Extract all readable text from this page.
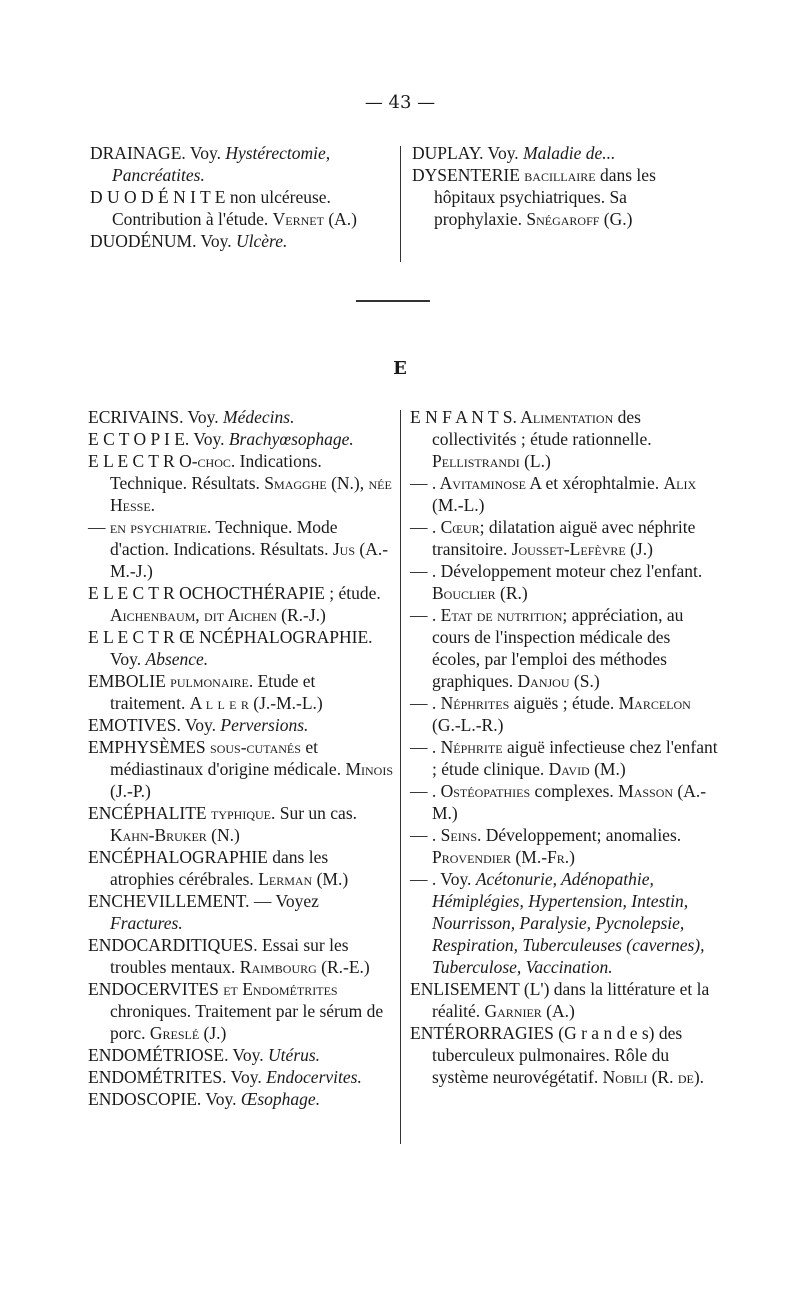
— 43 —

DRAINAGE. Voy. Hystérectomie, Pancréatites.

D U O D É N I T E non ulcéreuse. Contribution à l'étude. Vernet (A.)

DUODÉNUM. Voy. Ulcère.

DUPLAY. Voy. Maladie de...

DYSENTERIE bacillaire dans les hôpitaux psychiatriques. Sa prophylaxie. Snégaroff (G.)

E

ECRIVAINS. Voy. Médecins.

E C T O P I E. Voy. Brachyœsophage.

E L E C T R O-choc. Indications. Technique. Résultats. Smagghe (N.), née Hesse.

— en psychiatrie. Technique. Mode d'action. Indications. Résultats. Jus (A.-M.-J.)

E L E C T R OCHOCTHÉRAPIE ; étude. Aichenbaum, dit Aichen (R.-J.)

E L E C T R Œ NCÉPHALOGRAPHIE. Voy. Absence.

EMBOLIE pulmonaire. Etude et traitement. A l l e r (J.-M.-L.)

EMOTIVES. Voy. Perversions.

EMPHYSÈMES sous-cutanés et médiastinaux d'origine médicale. Minois (J.-P.)

ENCÉPHALITE typhique. Sur un cas. Kahn-Bruker (N.)

ENCÉPHALOGRAPHIE dans les atrophies cérébrales. Lerman (M.)

ENCHEVILLEMENT. — Voyez Fractures.

ENDOCARDITIQUES. Essai sur les troubles mentaux. Raimbourg (R.-E.)

ENDOCERVITES et Endométrites chroniques. Traitement par le sérum de porc. Greslé (J.)

ENDOMÉTRIOSE. Voy. Utérus.

ENDOMÉTRITES. Voy. Endocervites.

ENDOSCOPIE. Voy. Œsophage.

E N F A N T S. Alimentation des collectivités ; étude rationnelle. Pellistrandi (L.)

— . Avitaminose A et xérophtalmie. Alix (M.-L.)

— . Cœur; dilatation aiguë avec néphrite transitoire. Jousset-Lefèvre (J.)

— . Développement moteur chez l'enfant. Bouclier (R.)

— . Etat de nutrition; appréciation, au cours de l'inspection médicale des écoles, par l'emploi des méthodes graphiques. Danjou (S.)

— . Néphrites aiguës ; étude. Marcelon (G.-L.-R.)

— . Néphrite aiguë infectieuse chez l'enfant ; étude clinique. David (M.)

— . Ostéopathies complexes. Masson (A.-M.)

— . Seins. Développement; anomalies. Provendier (M.-Fr.)

— . Voy. Acétonurie, Adénopathie, Hémiplégies, Hypertension, Intestin, Nourrisson, Paralysie, Pycnolepsie, Respiration, Tuberculeuses (cavernes), Tuberculose, Vaccination.

ENLISEMENT (L') dans la littérature et la réalité. Garnier (A.)

ENTÉRORRAGIES (G r a n d e s) des tuberculeux pulmonaires. Rôle du système neurovégétatif. Nobili (R. de).
